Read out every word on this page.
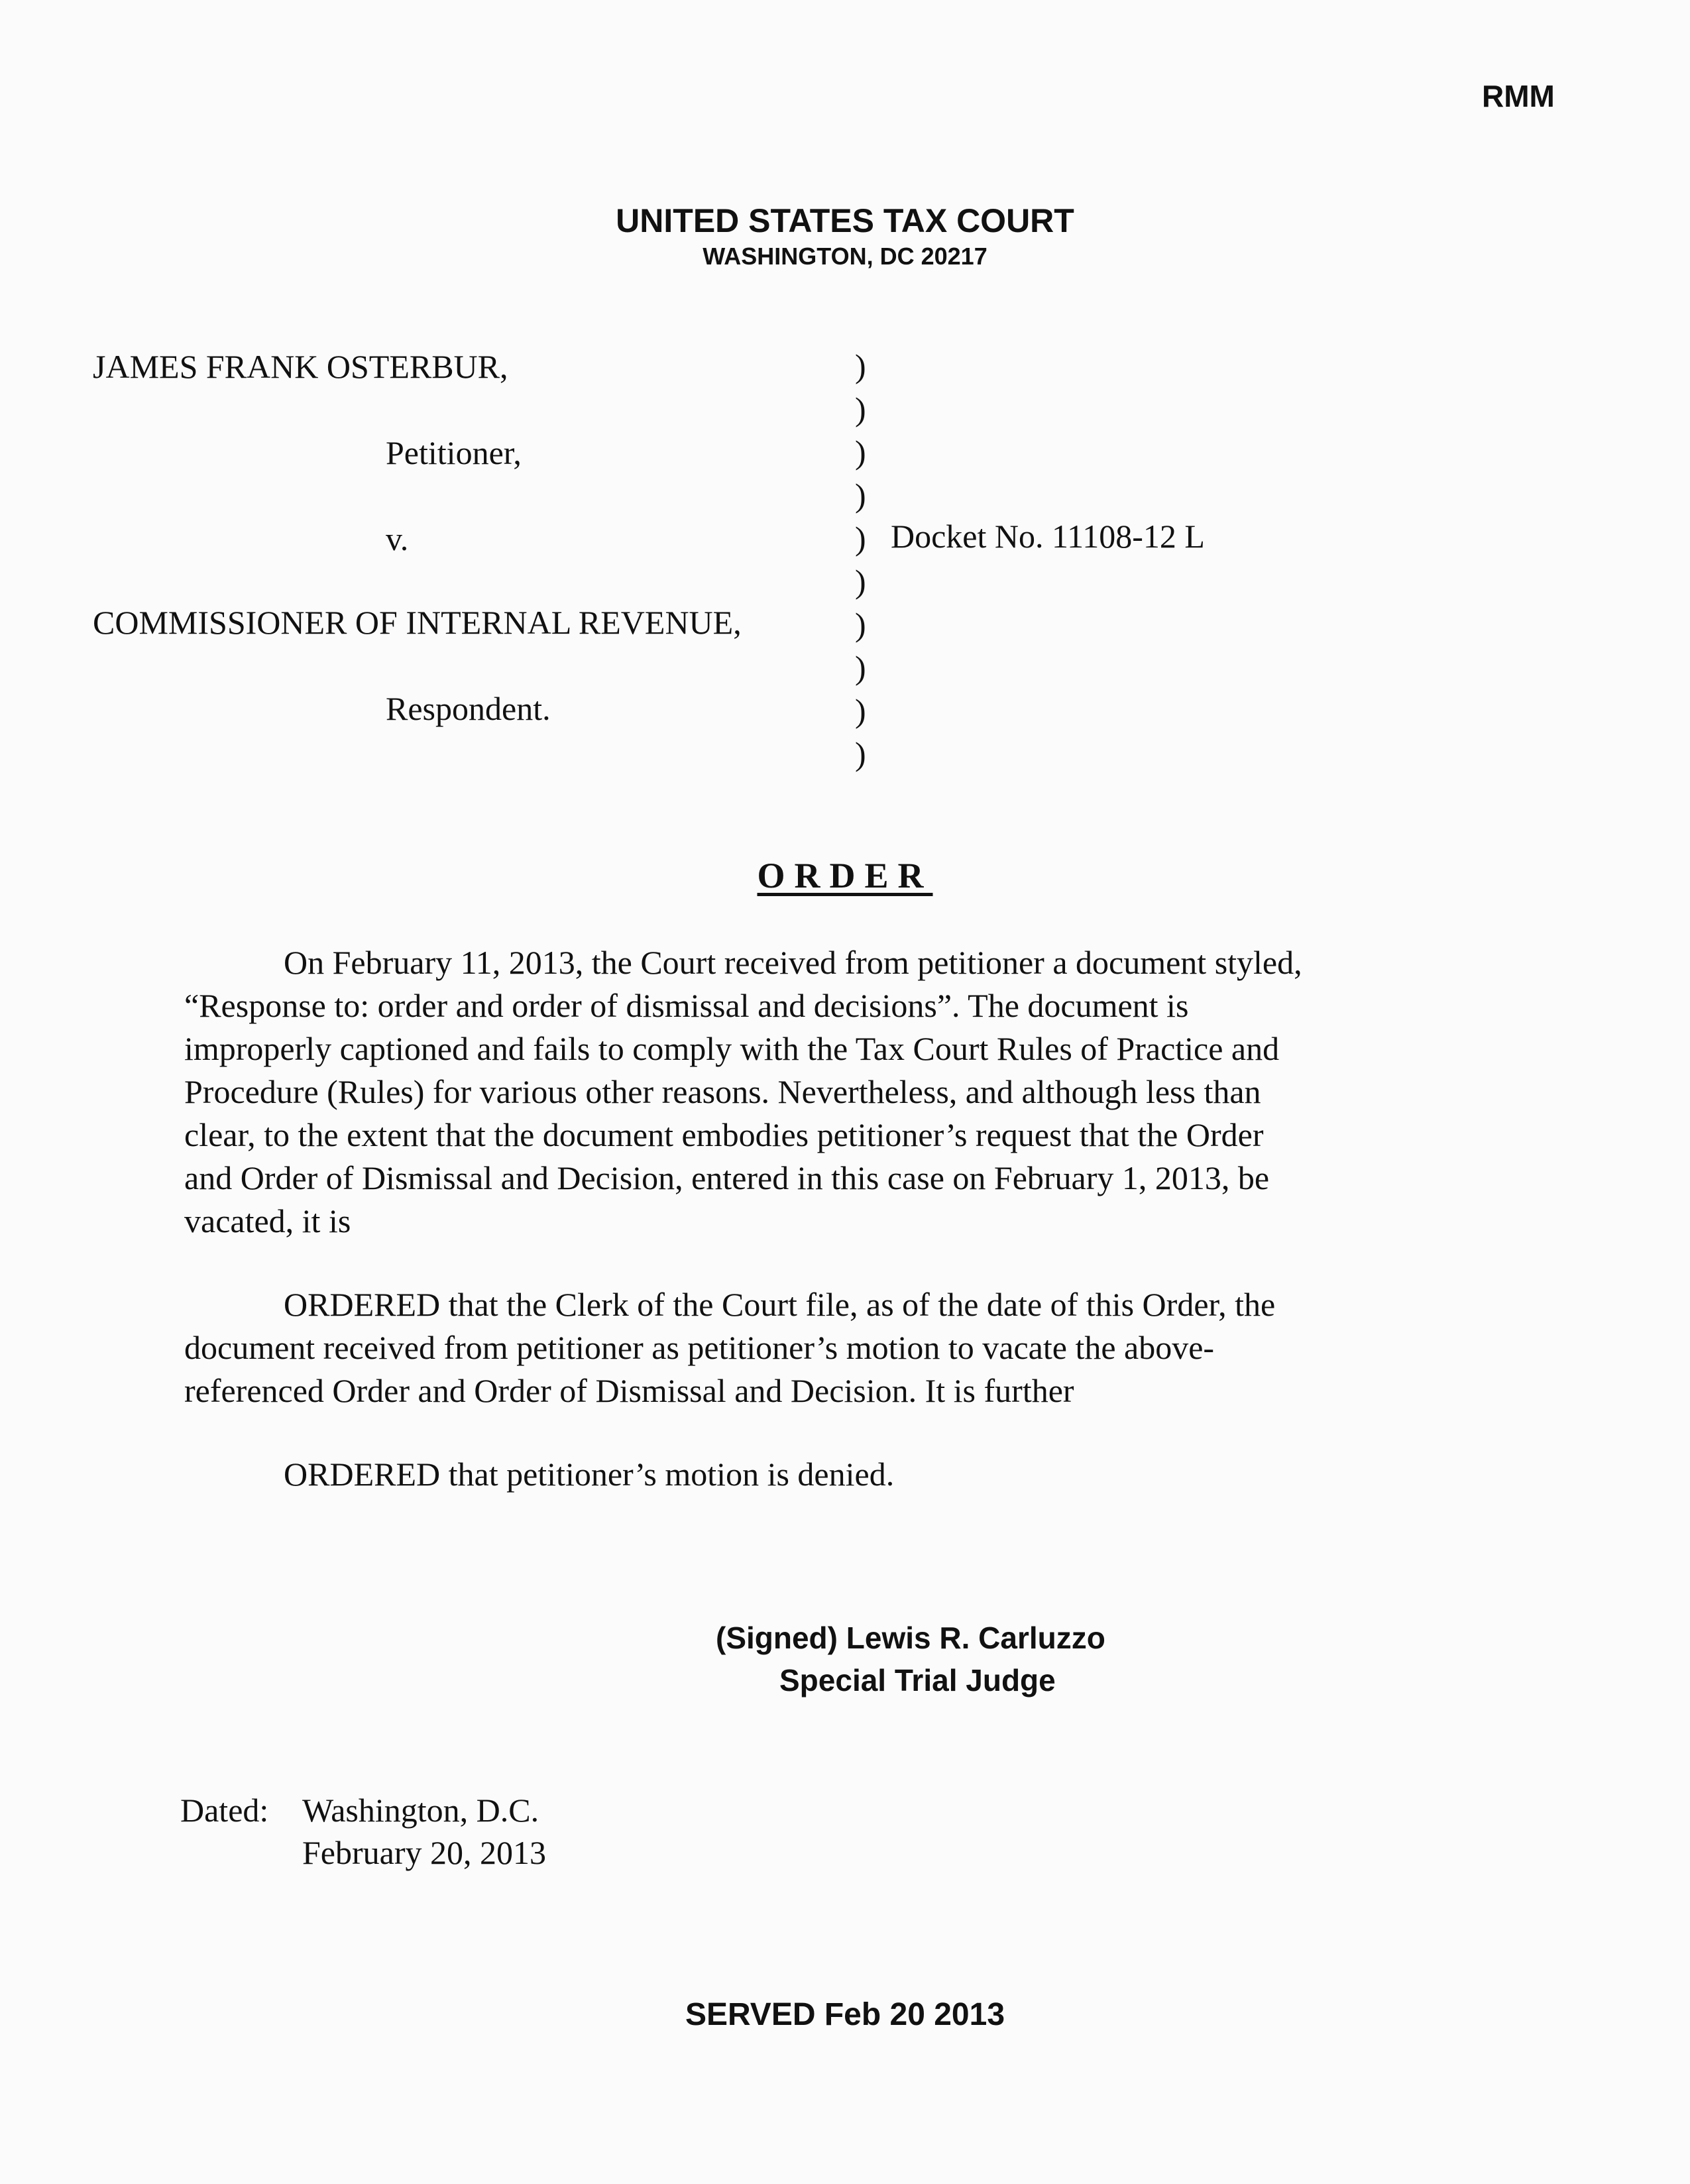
RMM
UNITED STATES TAX COURT
WASHINGTON, DC 20217
JAMES FRANK OSTERBUR,
Petitioner,
v.
COMMISSIONER OF INTERNAL REVENUE,
Respondent.
)
)
)
)
)
)
)
)
)
)
Docket No. 11108-12 L
ORDER
On February 11, 2013, the Court received from petitioner a document styled,
“Response to: order and order of dismissal and decisions”. The document is
improperly captioned and fails to comply with the Tax Court Rules of Practice and
Procedure (Rules) for various other reasons. Nevertheless, and although less than
clear, to the extent that the document embodies petitioner’s request that the Order
and Order of Dismissal and Decision, entered in this case on February 1, 2013, be
vacated, it is
ORDERED that the Clerk of the Court file, as of the date of this Order, the
document received from petitioner as petitioner’s motion to vacate the above-
referenced Order and Order of Dismissal and Decision. It is further
ORDERED that petitioner’s motion is denied.
(Signed) Lewis R. Carluzzo
Special Trial Judge
Dated: Washington, D.C.
February 20, 2013
SERVED Feb 20 2013
